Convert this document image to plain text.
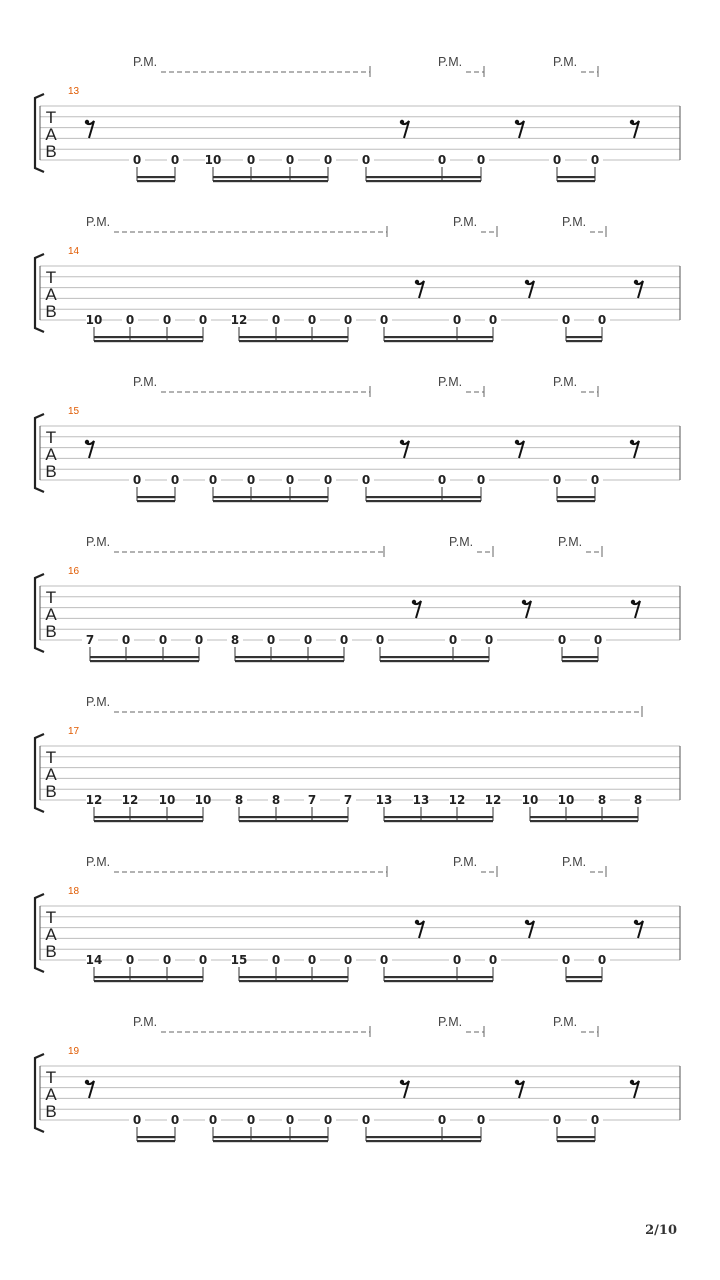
T
A
B
13
P.M.	P.M.	P.M.
0 0 10 0	0 0 0	0	0	0 0
T
A
B
14
P.M.	P.M.	P.M.
10 0 0 0 12 0 0 0 0	0 0	0 0
T
A
B
15
P.M.	P.M.	P.M.
0 0 0 0	0 0 0	0	0	0 0
T
A
B
16
P.M.	P.M.	P.M.
7 0 0 0 8 0 0 0 0	0 0	0 0
T
A
B
17
P.M.
12 12 10 10 8 8 7 7 13 13 12 12 10 10 8 8
T
A
B
18
P.M.	P.M.	P.M.
14 0 0 0 15 0 0 0 0	0 0	0 0
T
A
B
19
P.M.	P.M.	P.M.
0 0 0 0	0 0 0	0	0	0 0
2/10
